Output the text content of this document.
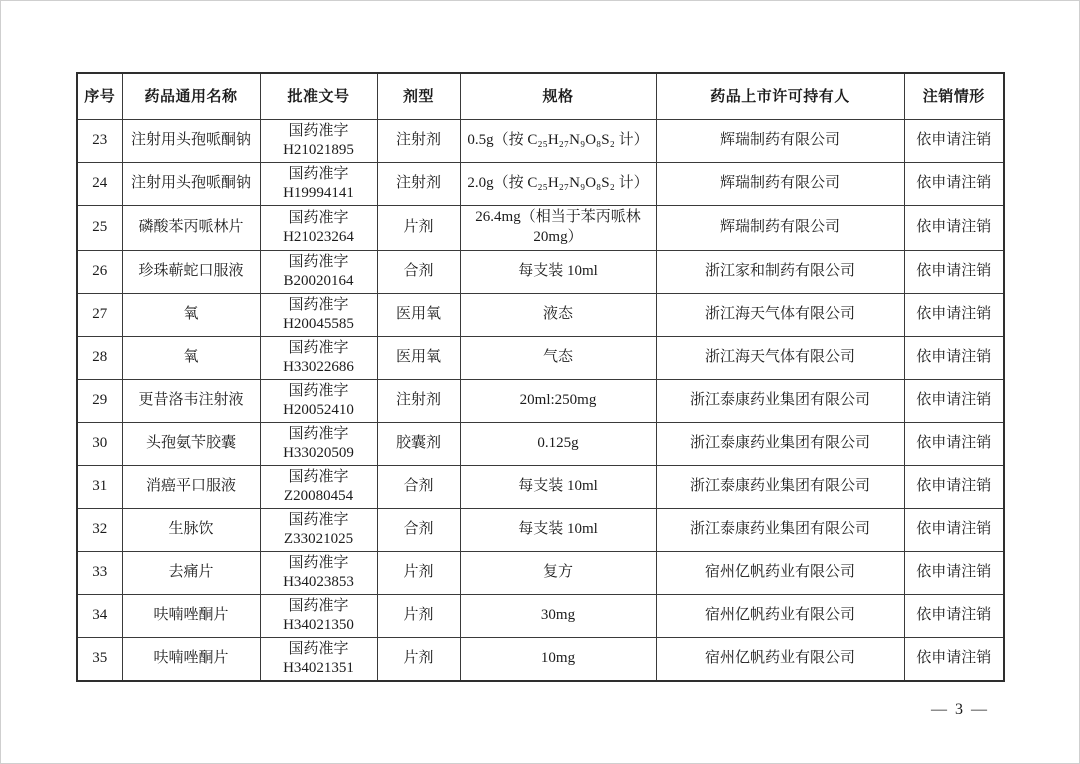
序号	药品通用名称	批准文号	剂型	规格	药品上市许可持有人	注销情形
23	注射用头孢哌酮钠	国药准字
H21021895	注射剂	0.5g（按 C₂₅H₂₇N₉O₈S₂ 计）	辉瑞制药有限公司	依申请注销
24	注射用头孢哌酮钠	国药准字
H19994141	注射剂	2.0g（按 C₂₅H₂₇N₉O₈S₂ 计）	辉瑞制药有限公司	依申请注销
25	磷酸苯丙哌林片	国药准字
H21023264	片剂	26.4mg（相当于苯丙哌林 20mg）	辉瑞制药有限公司	依申请注销
26	珍珠蕲蛇口服液	国药准字
B20020164	合剂	每支装 10ml	浙江家和制药有限公司	依申请注销
27	氧	国药准字
H20045585	医用氧	液态	浙江海天气体有限公司	依申请注销
28	氧	国药准字
H33022686	医用氧	气态	浙江海天气体有限公司	依申请注销
29	更昔洛韦注射液	国药准字
H20052410	注射剂	20ml:250mg	浙江泰康药业集团有限公司	依申请注销
30	头孢氨苄胶囊	国药准字
H33020509	胶囊剂	0.125g	浙江泰康药业集团有限公司	依申请注销
31	消癌平口服液	国药准字
Z20080454	合剂	每支装 10ml	浙江泰康药业集团有限公司	依申请注销
32	生脉饮	国药准字
Z33021025	合剂	每支装 10ml	浙江泰康药业集团有限公司	依申请注销
33	去痛片	国药准字
H34023853	片剂	复方	宿州亿帆药业有限公司	依申请注销
34	呋喃唑酮片	国药准字
H34021350	片剂	30mg	宿州亿帆药业有限公司	依申请注销
35	呋喃唑酮片	国药准字
H34021351	片剂	10mg	宿州亿帆药业有限公司	依申请注销
—  3  —
